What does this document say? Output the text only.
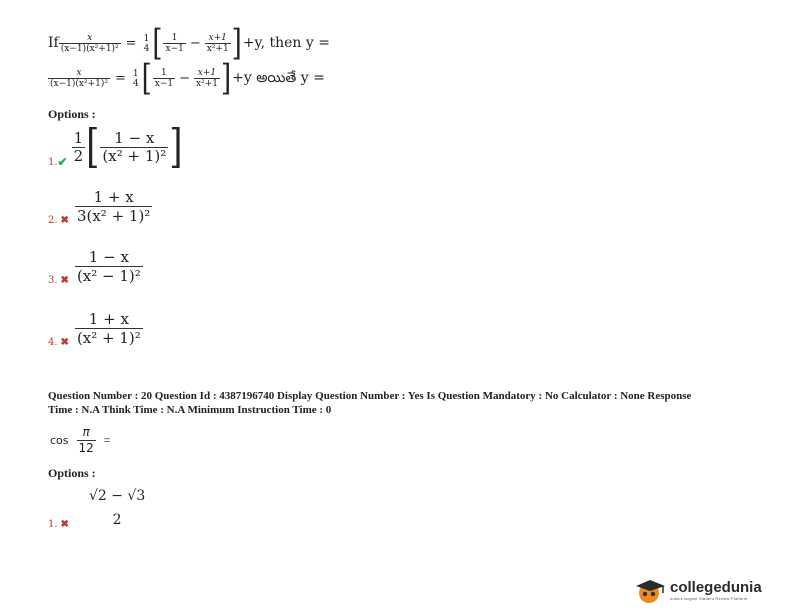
If $\frac{x}{\text{(x−1)(x²+1)²}} = 1$
4 [ $\frac{1}{x-1} - \frac{x+1}{\text{x²+1}}$ ] +y, then y =
$\frac{x}{\text{(x−1)(x²+1)²}} = 1$
4 [ $\frac{1}{x-1} - \frac{x+1}{\text{x²+1}}$ ] +y అయితే y =
Options :
1. ✔ $\frac{1}{2}$ [ $\frac{1 - x}{\text{(x² + 1)²}}$ ]
2. ✖ $\frac{1 + x}{\text{3(x² + 1)²}}$
3. ✖ $\frac{1 - x}{\text{(x² − 1)²}}$
4. ✖ $\frac{1 + x}{\text{(x² + 1)²}}$
Question Number : 20 Question Id : 4387196740 Display Question Number : Yes Is Question Mandatory : No Calculator : None Response
Time : N.A Think Time : N.A Minimum Instruction Time : 0
$\cos \frac{\pi}{12}$ =
Options :
1. ✖
√2 − √3
2
collegedunia
India's largest Student Review Platform
